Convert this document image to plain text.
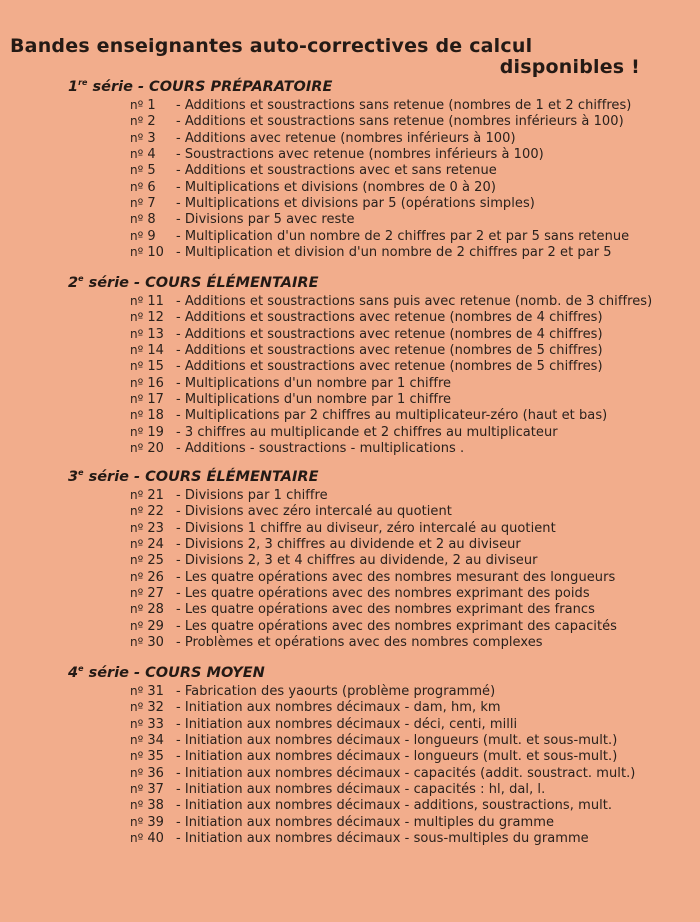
Bandes enseignantes auto-correctives de calcul
disponibles !
1re série - COURS PRÉPARATOIRE
nº 1 - Additions et soustractions sans retenue (nombres de 1 et 2 chiffres)
nº 2 - Additions et soustractions sans retenue (nombres inférieurs à 100)
nº 3 - Additions avec retenue (nombres inférieurs à 100)
nº 4 - Soustractions avec retenue (nombres inférieurs à 100)
nº 5 - Additions et soustractions avec et sans retenue
nº 6 - Multiplications et divisions (nombres de 0 à 20)
nº 7 - Multiplications et divisions par 5 (opérations simples)
nº 8 - Divisions par 5 avec reste
nº 9 - Multiplication d'un nombre de 2 chiffres par 2 et par 5 sans retenue
nº 10 - Multiplication et division d'un nombre de 2 chiffres par 2 et par 5
2e série - COURS ÉLÉMENTAIRE
nº 11 - Additions et soustractions sans puis avec retenue (nomb. de 3 chiffres)
nº 12 - Additions et soustractions avec retenue (nombres de 4 chiffres)
nº 13 - Additions et soustractions avec retenue (nombres de 4 chiffres)
nº 14 - Additions et soustractions avec retenue (nombres de 5 chiffres)
nº 15 - Additions et soustractions avec retenue (nombres de 5 chiffres)
nº 16 - Multiplications d'un nombre par 1 chiffre
nº 17 - Multiplications d'un nombre par 1 chiffre
nº 18 - Multiplications par 2 chiffres au multiplicateur-zéro (haut et bas)
nº 19 - 3 chiffres au multiplicande et 2 chiffres au multiplicateur
nº 20 - Additions - soustractions - multiplications .
3e série - COURS ÉLÉMENTAIRE
nº 21 - Divisions par 1 chiffre
nº 22 - Divisions avec zéro intercalé au quotient
nº 23 - Divisions 1 chiffre au diviseur, zéro intercalé au quotient
nº 24 - Divisions 2, 3 chiffres au dividende et 2 au diviseur
nº 25 - Divisions 2, 3 et 4 chiffres au dividende, 2 au diviseur
nº 26 - Les quatre opérations avec des nombres mesurant des longueurs
nº 27 - Les quatre opérations avec des nombres exprimant des poids
nº 28 - Les quatre opérations avec des nombres exprimant des francs
nº 29 - Les quatre opérations avec des nombres exprimant des capacités
nº 30 - Problèmes et opérations avec des nombres complexes
4e série - COURS MOYEN
nº 31 - Fabrication des yaourts (problème programmé)
nº 32 - Initiation aux nombres décimaux - dam, hm, km
nº 33 - Initiation aux nombres décimaux - déci, centi, milli
nº 34 - Initiation aux nombres décimaux - longueurs (mult. et sous-mult.)
nº 35 - Initiation aux nombres décimaux - longueurs (mult. et sous-mult.)
nº 36 - Initiation aux nombres décimaux - capacités (addit. soustract. mult.)
nº 37 - Initiation aux nombres décimaux - capacités : hl, dal, l.
nº 38 - Initiation aux nombres décimaux - additions, soustractions, mult.
nº 39 - Initiation aux nombres décimaux - multiples du gramme
nº 40 - Initiation aux nombres décimaux - sous-multiples du gramme
